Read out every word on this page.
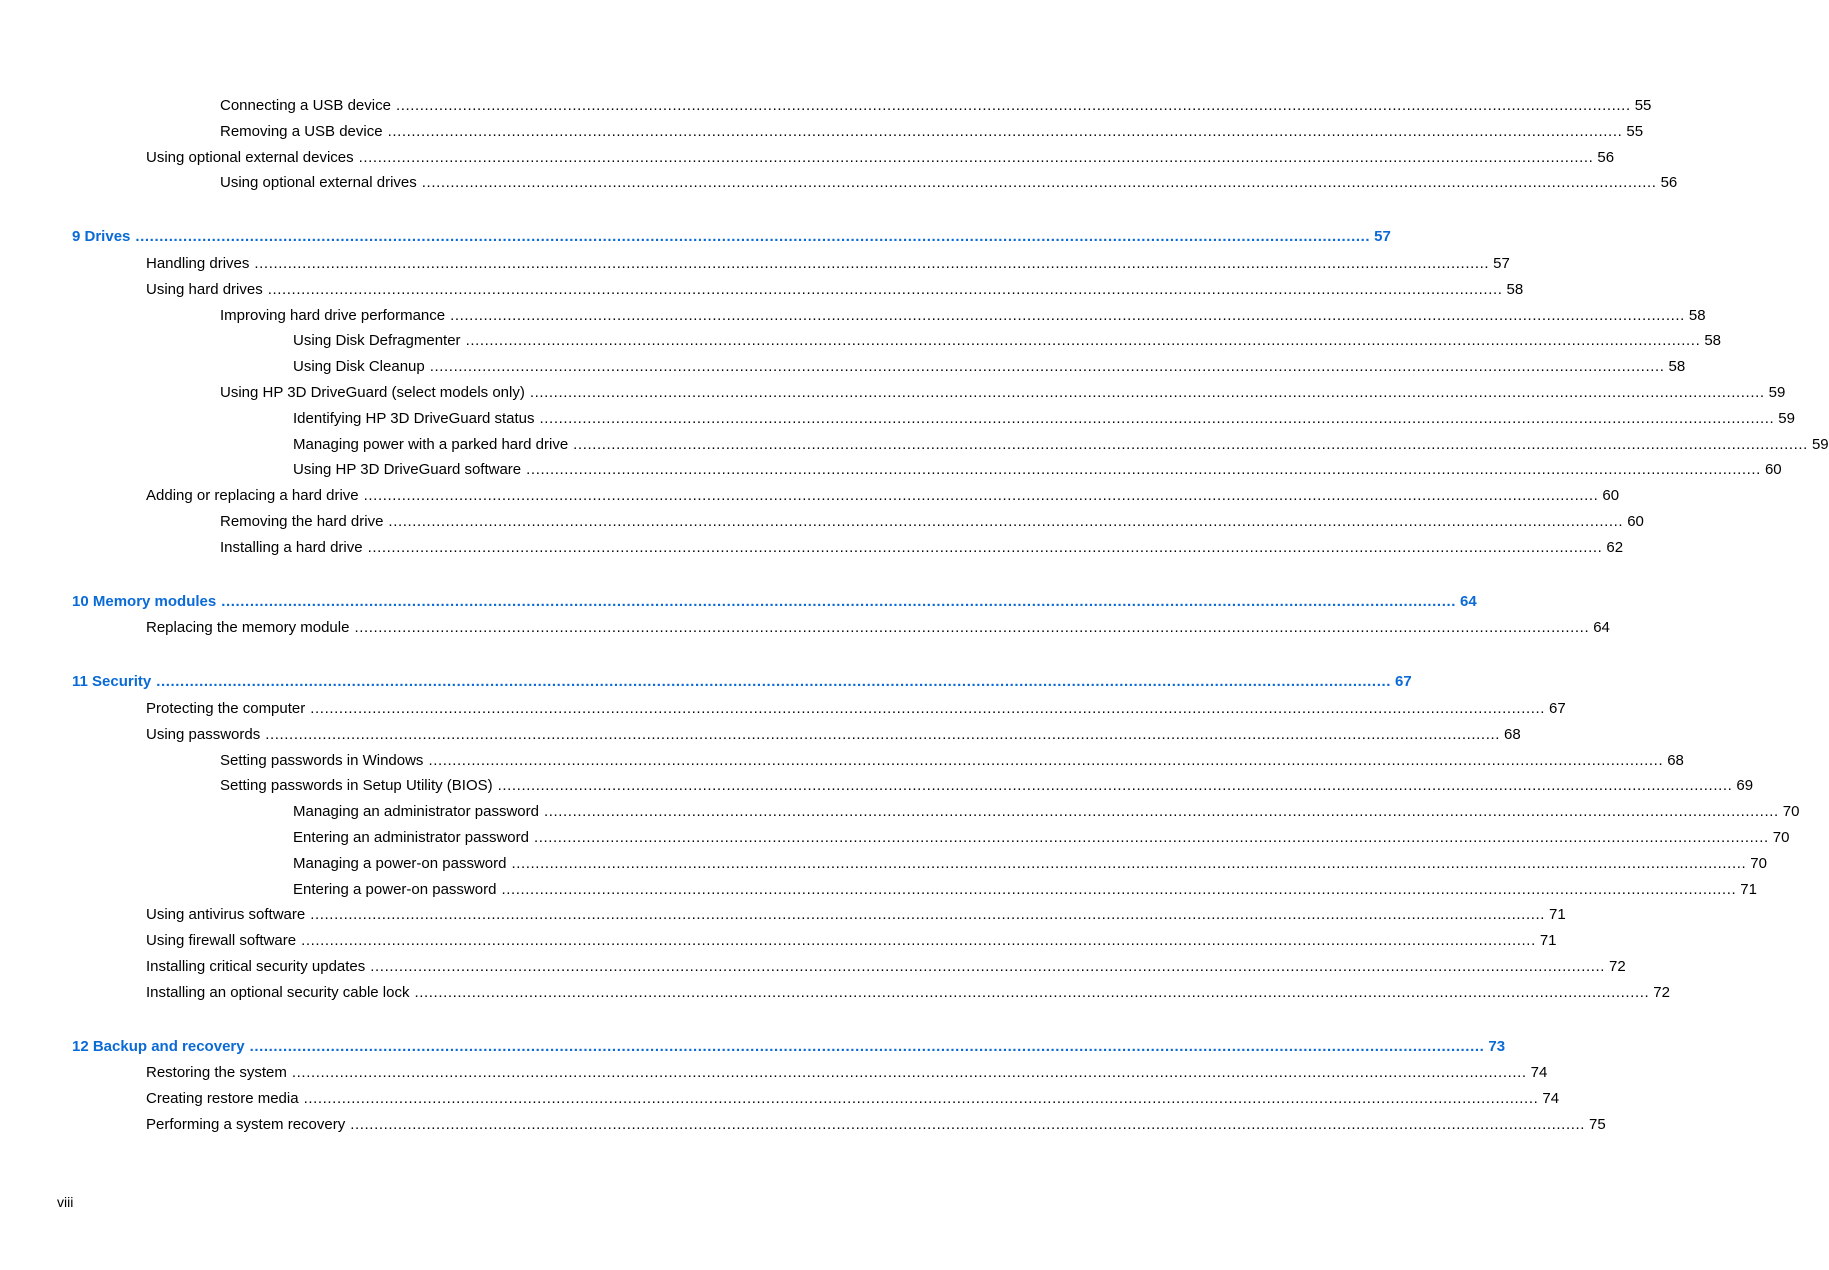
Connecting a USB device ................................................................................................................................................................................................................................................................... 55
Removing a USB device ................................................................................................................................................................................................................................................................... 55
Using optional external devices ................................................................................................................................................................................................................................................................... 56
Using optional external drives ................................................................................................................................................................................................................................................................... 56
9 Drives ................................................................................................................................................................................................................................................................... 57
Handling drives ................................................................................................................................................................................................................................................................... 57
Using hard drives ................................................................................................................................................................................................................................................................... 58
Improving hard drive performance ................................................................................................................................................................................................................................................................... 58
Using Disk Defragmenter ................................................................................................................................................................................................................................................................... 58
Using Disk Cleanup ................................................................................................................................................................................................................................................................... 58
Using HP 3D DriveGuard (select models only) ................................................................................................................................................................................................................................................................... 59
Identifying HP 3D DriveGuard status ................................................................................................................................................................................................................................................................... 59
Managing power with a parked hard drive ................................................................................................................................................................................................................................................................... 59
Using HP 3D DriveGuard software ................................................................................................................................................................................................................................................................... 60
Adding or replacing a hard drive ................................................................................................................................................................................................................................................................... 60
Removing the hard drive ................................................................................................................................................................................................................................................................... 60
Installing a hard drive ................................................................................................................................................................................................................................................................... 62
10 Memory modules ................................................................................................................................................................................................................................................................... 64
Replacing the memory module ................................................................................................................................................................................................................................................................... 64
11 Security ................................................................................................................................................................................................................................................................... 67
Protecting the computer ................................................................................................................................................................................................................................................................... 67
Using passwords ................................................................................................................................................................................................................................................................... 68
Setting passwords in Windows ................................................................................................................................................................................................................................................................... 68
Setting passwords in Setup Utility (BIOS) ................................................................................................................................................................................................................................................................... 69
Managing an administrator password ................................................................................................................................................................................................................................................................... 70
Entering an administrator password ................................................................................................................................................................................................................................................................... 70
Managing a power-on password ................................................................................................................................................................................................................................................................... 70
Entering a power-on password ................................................................................................................................................................................................................................................................... 71
Using antivirus software ................................................................................................................................................................................................................................................................... 71
Using firewall software ................................................................................................................................................................................................................................................................... 71
Installing critical security updates ................................................................................................................................................................................................................................................................... 72
Installing an optional security cable lock ................................................................................................................................................................................................................................................................... 72
12 Backup and recovery ................................................................................................................................................................................................................................................................... 73
Restoring the system ................................................................................................................................................................................................................................................................... 74
Creating restore media ................................................................................................................................................................................................................................................................... 74
Performing a system recovery ................................................................................................................................................................................................................................................................... 75
viii
